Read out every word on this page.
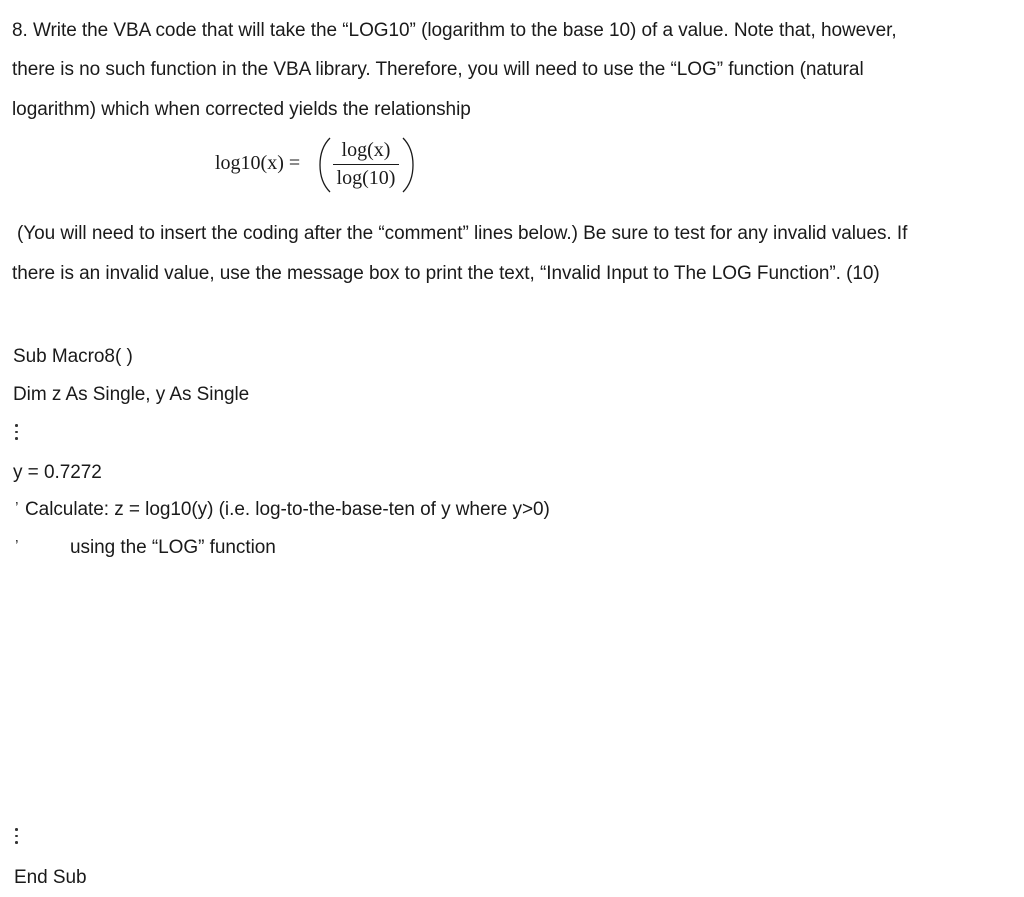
8. Write the VBA code that will take the “LOG10” (logarithm to the base 10) of a value. Note that, however,
there is no such function in the VBA library. Therefore, you will need to use the “LOG” function (natural
logarithm) which when corrected yields the relationship
log10(x) =
log(x)
log(10)
(You will need to insert the coding after the “comment” lines below.) Be sure to test for any invalid values. If
there is an invalid value, use the message box to print the text, “Invalid Input to The LOG Function”. (10)
Sub Macro8( )
Dim z As Single, y As Single
y = 0.7272
’ Calculate: z = log10(y) (i.e. log-to-the-base-ten of y where y>0)
’	using the “LOG” function
End Sub
